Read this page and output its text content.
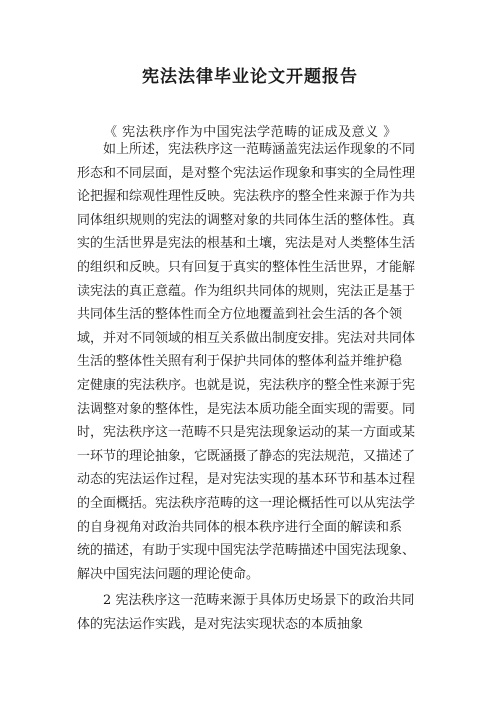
宪法法律毕业论文开题报告
《 宪法秩序作为中国宪法学范畴的证成及意义 》
如上所述，宪法秩序这一范畴涵盖宪法运作现象的不同
形态和不同层面，是对整个宪法运作现象和事实的全局性理
论把握和综观性理性反映。宪法秩序的整全性来源于作为共
同体组织规则的宪法的调整对象的共同体生活的整体性。真
实的生活世界是宪法的根基和土壤，宪法是对人类整体生活
的组织和反映。只有回复于真实的整体性生活世界，才能解
读宪法的真正意蕴。作为组织共同体的规则，宪法正是基于
共同体生活的整体性而全方位地覆盖到社会生活的各个领
域，并对不同领域的相互关系做出制度安排。宪法对共同体
生活的整体性关照有利于保护共同体的整体利益并维护稳
定健康的宪法秩序。也就是说，宪法秩序的整全性来源于宪
法调整对象的整体性，是宪法本质功能全面实现的需要。同
时，宪法秩序这一范畴不只是宪法现象运动的某一方面或某
一环节的理论抽象，它既涵摄了静态的宪法规范，又描述了
动态的宪法运作过程，是对宪法实现的基本环节和基本过程
的全面概括。宪法秩序范畴的这一理论概括性可以从宪法学
的自身视角对政治共同体的根本秩序进行全面的解读和系
统的描述，有助于实现中国宪法学范畴描述中国宪法现象、
解决中国宪法问题的理论使命。
2 宪法秩序这一范畴来源于具体历史场景下的政治共同
体的宪法运作实践，是对宪法实现状态的本质抽象
